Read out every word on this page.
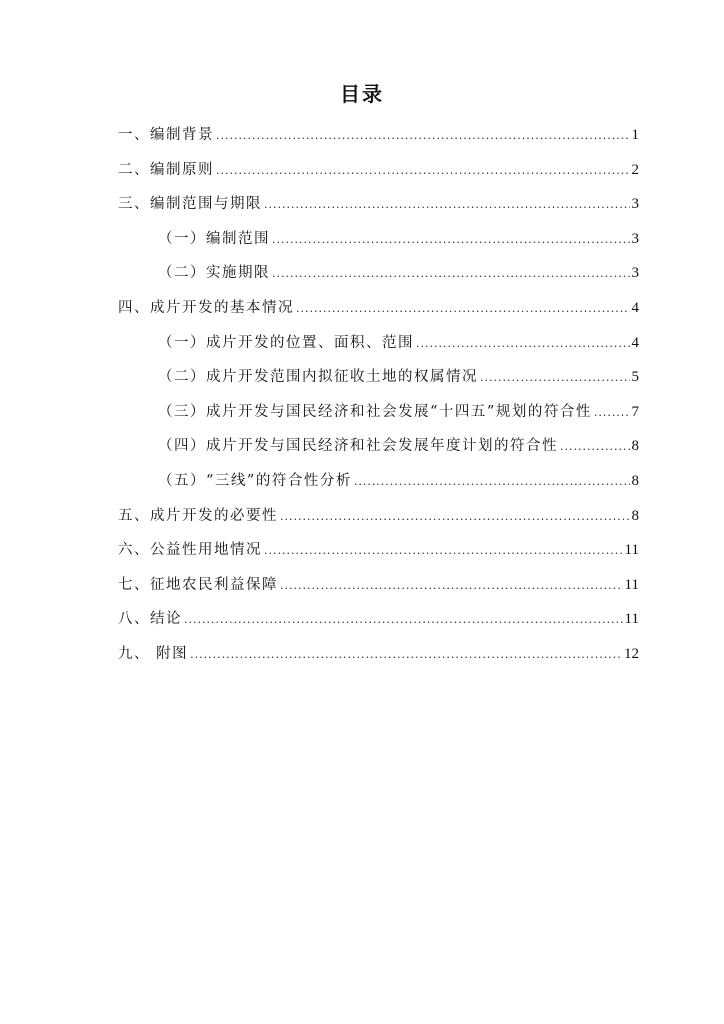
目录
一、编制背景 .....	1
二、编制原则 .....	2
三、编制范围与期限 .....	3
（一）编制范围 .....	3
（二）实施期限 .....	3
四、成片开发的基本情况 .....	4
（一）成片开发的位置、面积、范围 .....	4
（二）成片开发范围内拟征收土地的权属情况 .....	5
（三）成片开发与国民经济和社会发展“十四五”规划的符合性 .....	7
（四）成片开发与国民经济和社会发展年度计划的符合性 .....	8
（五）“三线”的符合性分析 .....	8
五、成片开发的必要性 .....	8
六、公益性用地情况 .....	11
七、征地农民利益保障 .....	11
八、结论 .....	11
九、 附图 .....	12
